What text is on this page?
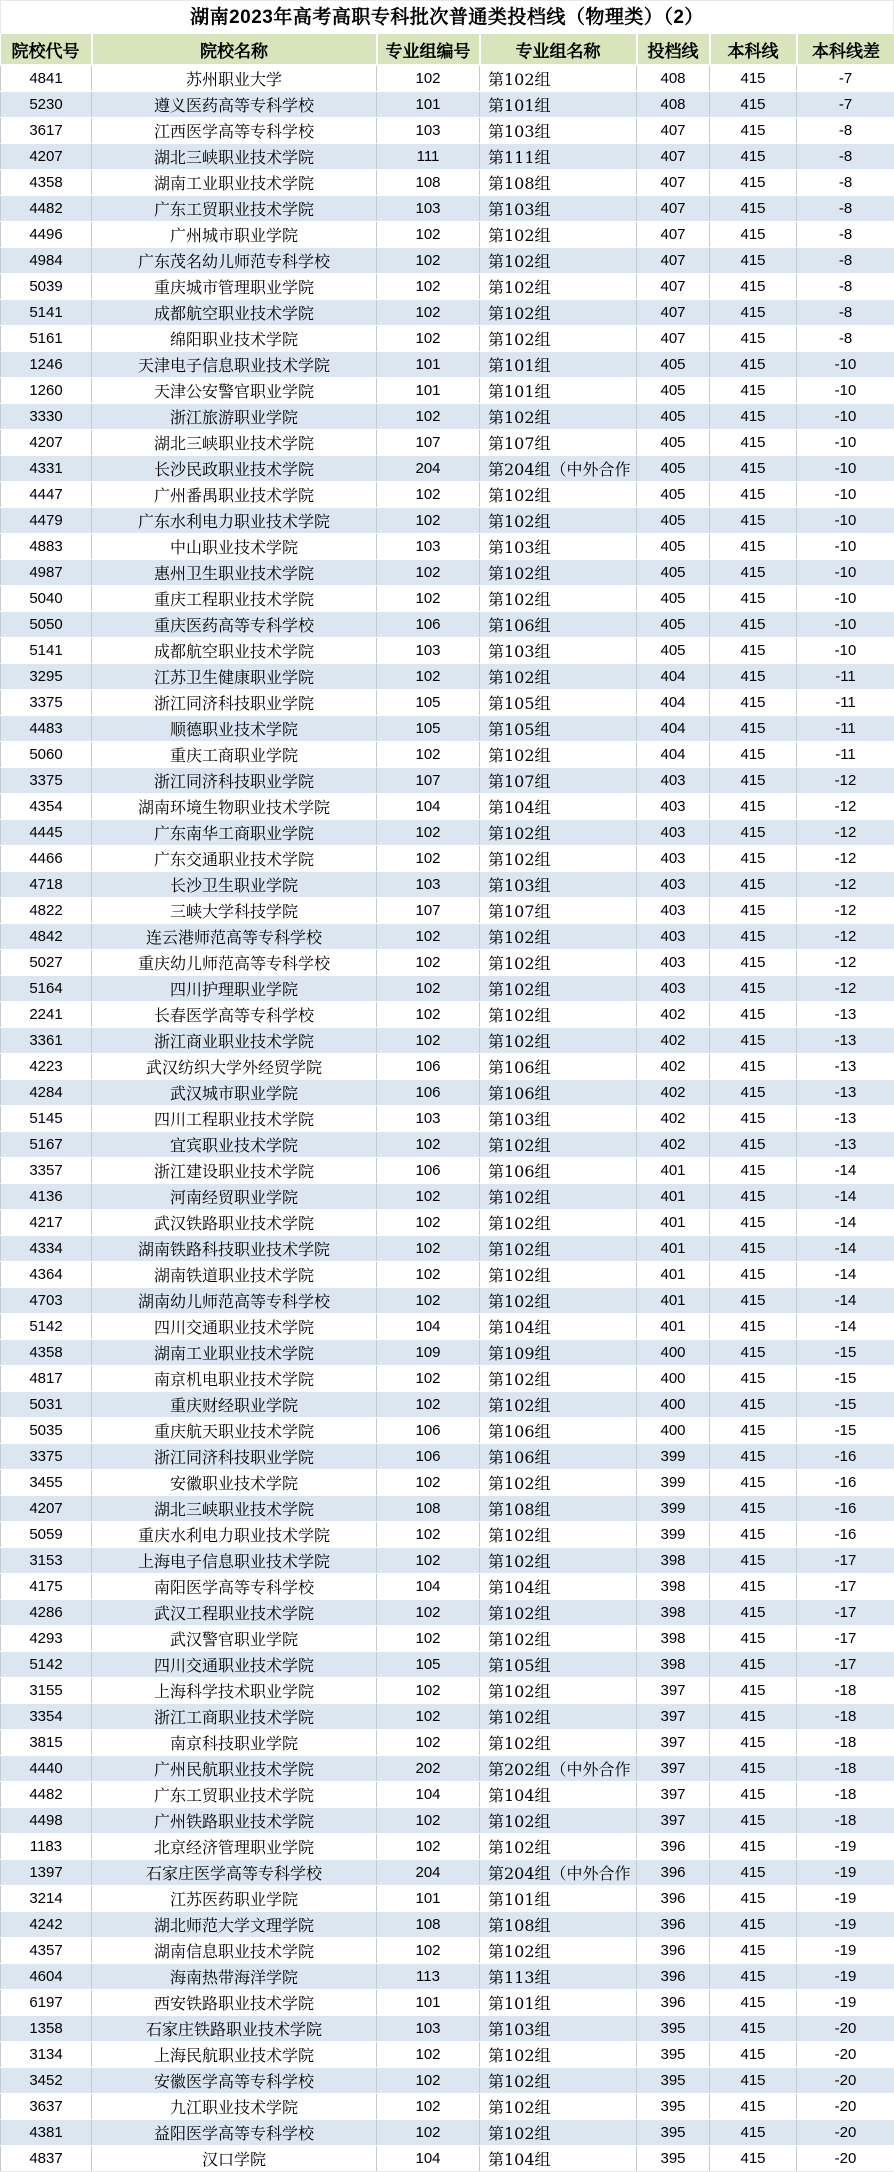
湖南2023年高考高职专科批次普通类投档线（物理类）（2）
院校代号	院校名称	专业组编号	专业组名称	投档线	本科线	本科线差
4841	苏州职业大学	102	第102组	408	415	-7
5230	遵义医药高等专科学校	101	第101组	408	415	-7
3617	江西医学高等专科学校	103	第103组	407	415	-8
4207	湖北三峡职业技术学院	111	第111组	407	415	-8
4358	湖南工业职业技术学院	108	第108组	407	415	-8
4482	广东工贸职业技术学院	103	第103组	407	415	-8
4496	广州城市职业学院	102	第102组	407	415	-8
4984	广东茂名幼儿师范专科学校	102	第102组	407	415	-8
5039	重庆城市管理职业学院	102	第102组	407	415	-8
5141	成都航空职业技术学院	102	第102组	407	415	-8
5161	绵阳职业技术学院	102	第102组	407	415	-8
1246	天津电子信息职业技术学院	101	第101组	405	415	-10
1260	天津公安警官职业学院	101	第101组	405	415	-10
3330	浙江旅游职业学院	102	第102组	405	415	-10
4207	湖北三峡职业技术学院	107	第107组	405	415	-10
4331	长沙民政职业技术学院	204	第204组（中外合作	405	415	-10
4447	广州番禺职业技术学院	102	第102组	405	415	-10
4479	广东水利电力职业技术学院	102	第102组	405	415	-10
4883	中山职业技术学院	103	第103组	405	415	-10
4987	惠州卫生职业技术学院	102	第102组	405	415	-10
5040	重庆工程职业技术学院	102	第102组	405	415	-10
5050	重庆医药高等专科学校	106	第106组	405	415	-10
5141	成都航空职业技术学院	103	第103组	405	415	-10
3295	江苏卫生健康职业学院	102	第102组	404	415	-11
3375	浙江同济科技职业学院	105	第105组	404	415	-11
4483	顺德职业技术学院	105	第105组	404	415	-11
5060	重庆工商职业学院	102	第102组	404	415	-11
3375	浙江同济科技职业学院	107	第107组	403	415	-12
4354	湖南环境生物职业技术学院	104	第104组	403	415	-12
4445	广东南华工商职业学院	102	第102组	403	415	-12
4466	广东交通职业技术学院	102	第102组	403	415	-12
4718	长沙卫生职业学院	103	第103组	403	415	-12
4822	三峡大学科技学院	107	第107组	403	415	-12
4842	连云港师范高等专科学校	102	第102组	403	415	-12
5027	重庆幼儿师范高等专科学校	102	第102组	403	415	-12
5164	四川护理职业学院	102	第102组	403	415	-12
2241	长春医学高等专科学校	102	第102组	402	415	-13
3361	浙江商业职业技术学院	102	第102组	402	415	-13
4223	武汉纺织大学外经贸学院	106	第106组	402	415	-13
4284	武汉城市职业学院	106	第106组	402	415	-13
5145	四川工程职业技术学院	103	第103组	402	415	-13
5167	宜宾职业技术学院	102	第102组	402	415	-13
3357	浙江建设职业技术学院	106	第106组	401	415	-14
4136	河南经贸职业学院	102	第102组	401	415	-14
4217	武汉铁路职业技术学院	102	第102组	401	415	-14
4334	湖南铁路科技职业技术学院	102	第102组	401	415	-14
4364	湖南铁道职业技术学院	102	第102组	401	415	-14
4703	湖南幼儿师范高等专科学校	102	第102组	401	415	-14
5142	四川交通职业技术学院	104	第104组	401	415	-14
4358	湖南工业职业技术学院	109	第109组	400	415	-15
4817	南京机电职业技术学院	102	第102组	400	415	-15
5031	重庆财经职业学院	102	第102组	400	415	-15
5035	重庆航天职业技术学院	106	第106组	400	415	-15
3375	浙江同济科技职业学院	106	第106组	399	415	-16
3455	安徽职业技术学院	102	第102组	399	415	-16
4207	湖北三峡职业技术学院	108	第108组	399	415	-16
5059	重庆水利电力职业技术学院	102	第102组	399	415	-16
3153	上海电子信息职业技术学院	102	第102组	398	415	-17
4175	南阳医学高等专科学校	104	第104组	398	415	-17
4286	武汉工程职业技术学院	102	第102组	398	415	-17
4293	武汉警官职业学院	102	第102组	398	415	-17
5142	四川交通职业技术学院	105	第105组	398	415	-17
3155	上海科学技术职业学院	102	第102组	397	415	-18
3354	浙江工商职业技术学院	102	第102组	397	415	-18
3815	南京科技职业学院	102	第102组	397	415	-18
4440	广州民航职业技术学院	202	第202组（中外合作	397	415	-18
4482	广东工贸职业技术学院	104	第104组	397	415	-18
4498	广州铁路职业技术学院	102	第102组	397	415	-18
1183	北京经济管理职业学院	102	第102组	396	415	-19
1397	石家庄医学高等专科学校	204	第204组（中外合作	396	415	-19
3214	江苏医药职业学院	101	第101组	396	415	-19
4242	湖北师范大学文理学院	108	第108组	396	415	-19
4357	湖南信息职业技术学院	102	第102组	396	415	-19
4604	海南热带海洋学院	113	第113组	396	415	-19
6197	西安铁路职业技术学院	101	第101组	396	415	-19
1358	石家庄铁路职业技术学院	103	第103组	395	415	-20
3134	上海民航职业技术学院	102	第102组	395	415	-20
3452	安徽医学高等专科学校	102	第102组	395	415	-20
3637	九江职业技术学院	102	第102组	395	415	-20
4381	益阳医学高等专科学校	102	第102组	395	415	-20
4837	汉口学院	104	第104组	395	415	-20
